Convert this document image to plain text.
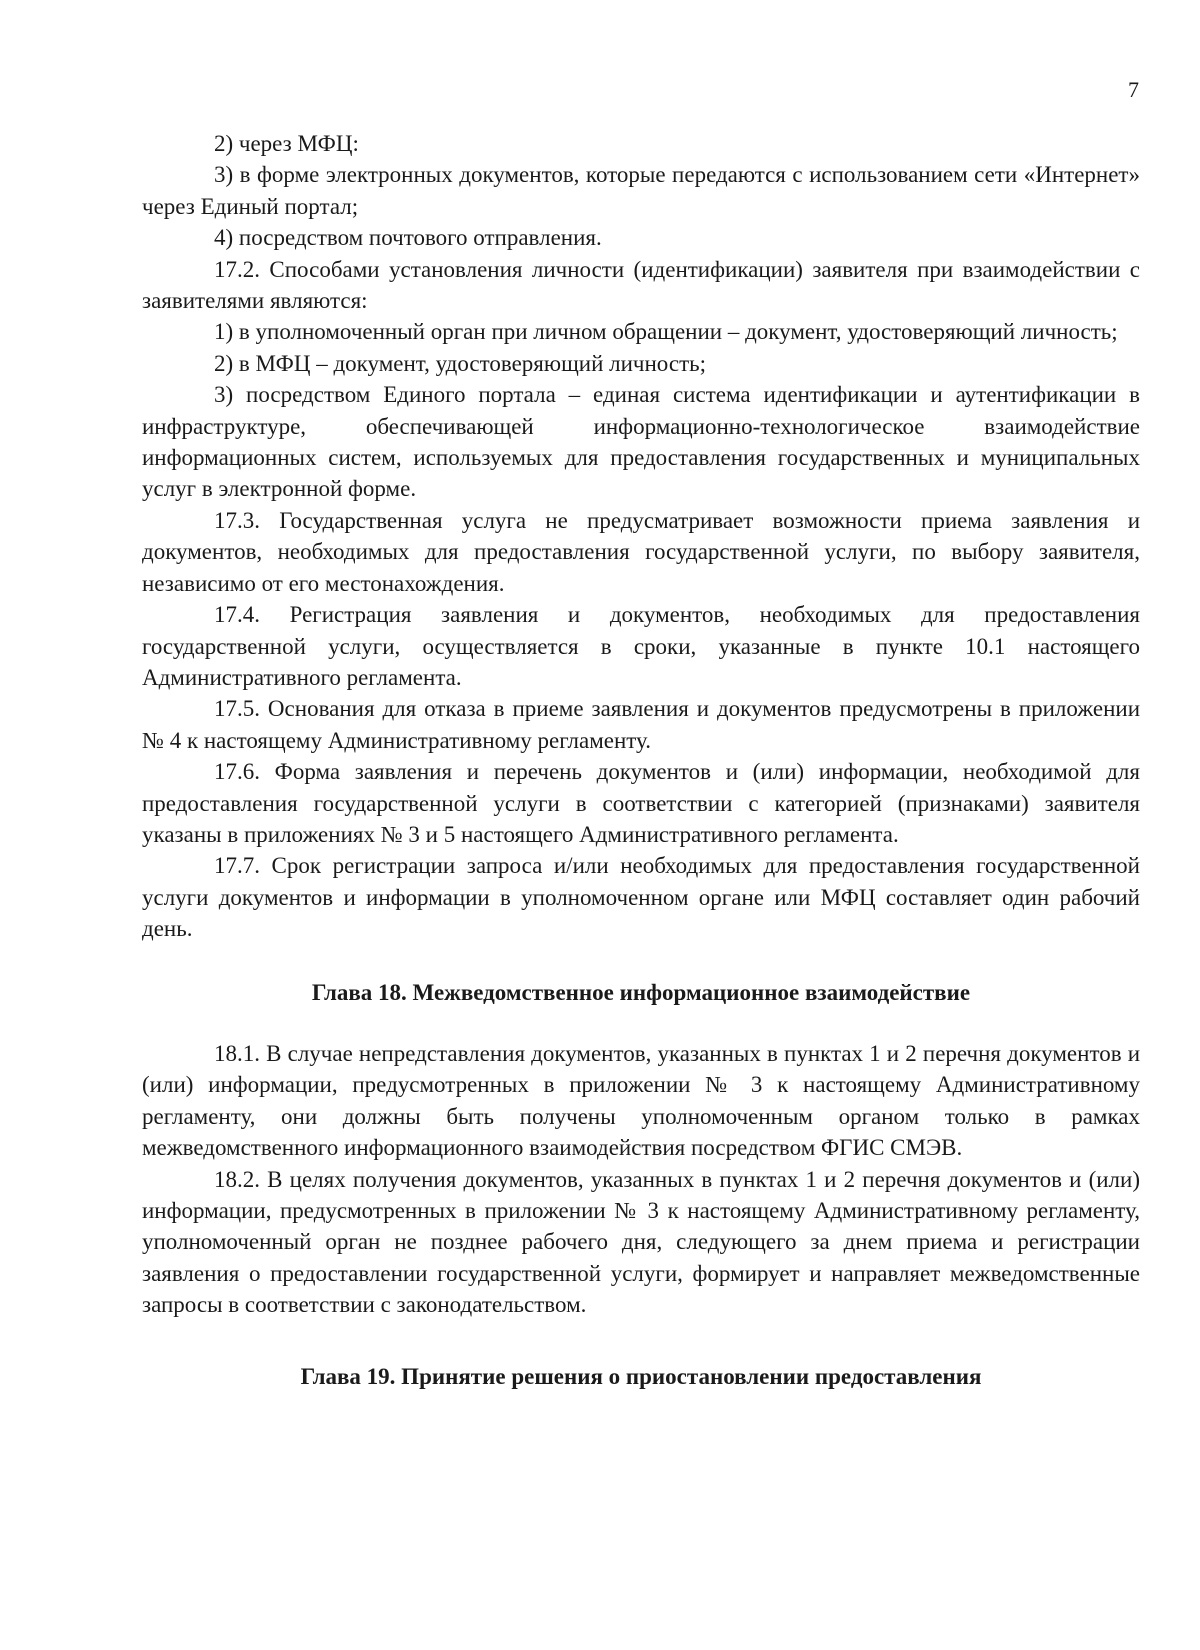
7

2) через МФЦ:

3) в форме электронных документов, которые передаются с использованием сети «Интернет» через Единый портал;

4) посредством почтового отправления.

17.2. Способами установления личности (идентификации) заявителя при взаимодействии с заявителями являются:

1) в уполномоченный орган при личном обращении – документ, удостоверяющий личность;

2) в МФЦ – документ, удостоверяющий личность;

3) посредством Единого портала – единая система идентификации и аутентификации в инфраструктуре, обеспечивающей информационно-технологическое взаимодействие информационных систем, используемых для предоставления государственных и муниципальных услуг в электронной форме.

17.3. Государственная услуга не предусматривает возможности приема заявления и документов, необходимых для предоставления государственной услуги, по выбору заявителя, независимо от его местонахождения.

17.4. Регистрация заявления и документов, необходимых для предоставления государственной услуги, осуществляется в сроки, указанные в пункте 10.1 настоящего Административного регламента.

17.5. Основания для отказа в приеме заявления и документов предусмотрены в приложении № 4 к настоящему Административному регламенту.

17.6. Форма заявления и перечень документов и (или) информации, необходимой для предоставления государственной услуги в соответствии с категорией (признаками) заявителя указаны в приложениях № 3 и 5 настоящего Административного регламента.

17.7. Срок регистрации запроса и/или необходимых для предоставления государственной услуги документов и информации в уполномоченном органе или МФЦ составляет один рабочий день.

Глава 18. Межведомственное информационное взаимодействие

18.1. В случае непредставления документов, указанных в пунктах 1 и 2 перечня документов и (или) информации, предусмотренных в приложении № 3 к настоящему Административному регламенту, они должны быть получены уполномоченным органом только в рамках межведомственного информационного взаимодействия посредством ФГИС СМЭВ.

18.2. В целях получения документов, указанных в пунктах 1 и 2 перечня документов и (или) информации, предусмотренных в приложении № 3 к настоящему Административному регламенту, уполномоченный орган не позднее рабочего дня, следующего за днем приема и регистрации заявления о предоставлении государственной услуги, формирует и направляет межведомственные запросы в соответствии с законодательством.

Глава 19. Принятие решения о приостановлении предоставления
